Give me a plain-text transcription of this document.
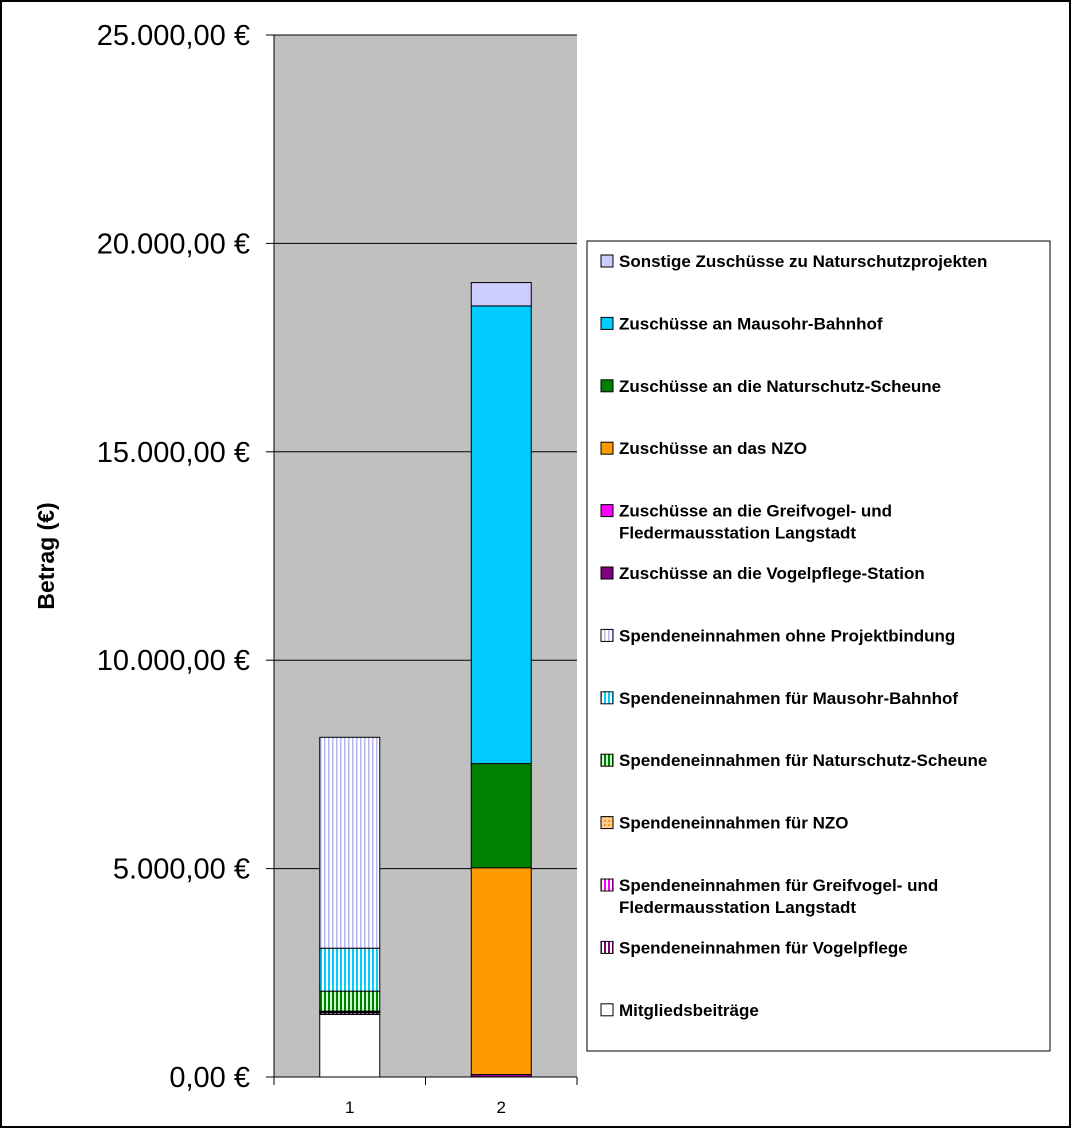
0,00 €
5.000,00 €
10.000,00 €
15.000,00 €
20.000,00 €
25.000,00 €
1	2
Betrag (€)
Sonstige Zuschüsse zu Naturschutzprojekten
Zuschüsse an Mausohr-Bahnhof
Zuschüsse an die Naturschutz-Scheune
Zuschüsse an das NZO
Zuschüsse an die Greifvogel- und Fledermausstation Langstadt
Zuschüsse an die Vogelpflege-Station
Spendeneinnahmen ohne Projektbindung
Spendeneinnahmen für Mausohr-Bahnhof
Spendeneinnahmen für Naturschutz-Scheune
Spendeneinnahmen für NZO
Spendeneinnahmen für Greifvogel- und Fledermausstation Langstadt
Spendeneinnahmen für Vogelpflege
Mitgliedsbeiträge
